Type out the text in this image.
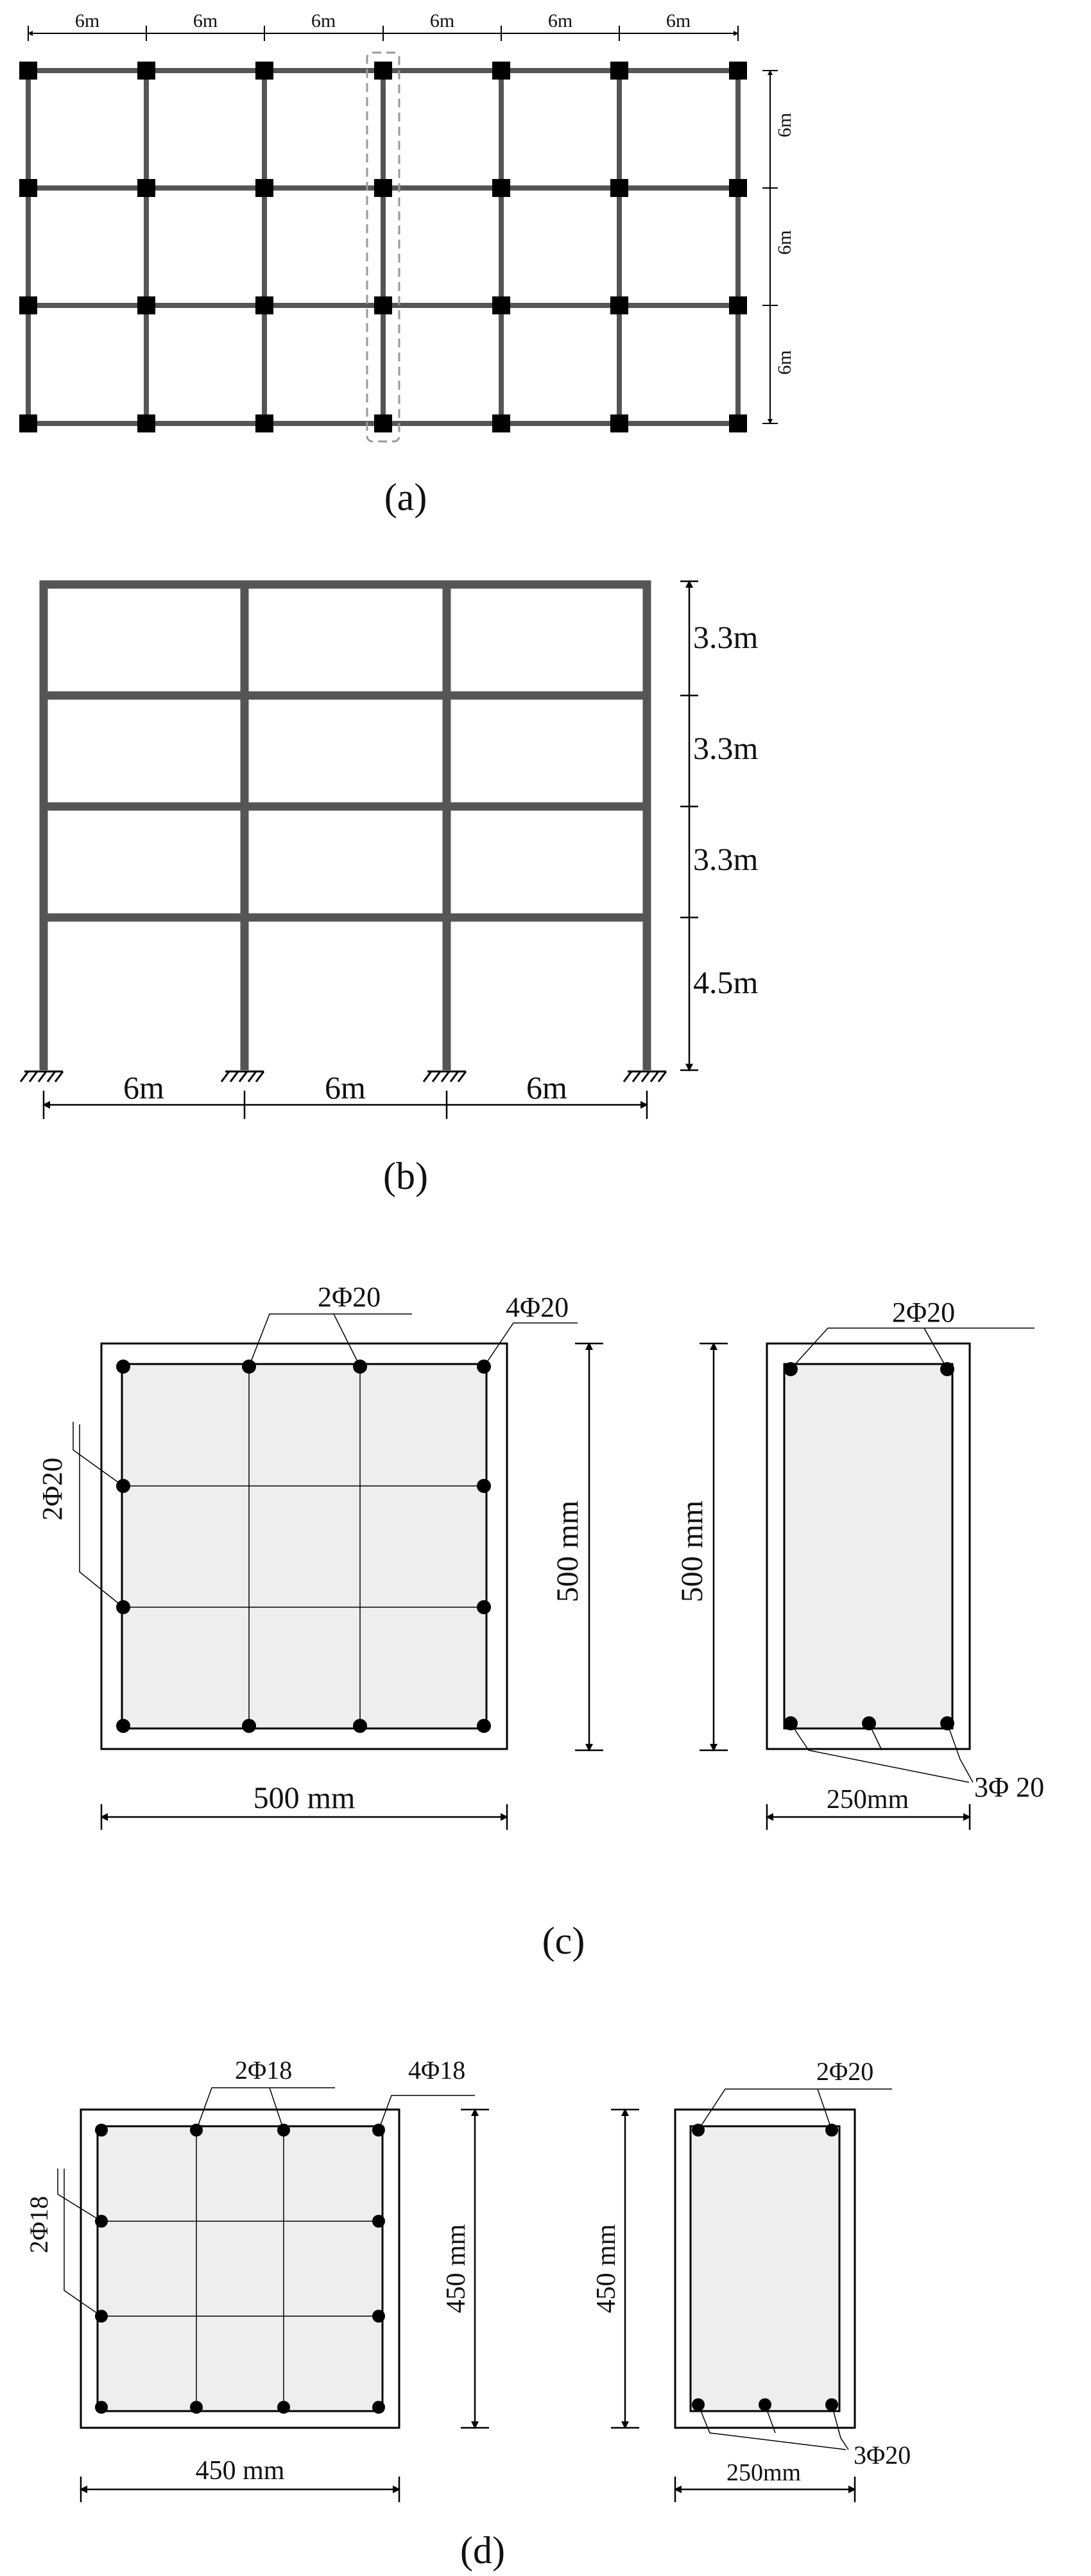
6m	6m	6m	6m	6m	6m
6m
6m
6m
(a)
3.3m
3.3m
3.3m
4.5m
6m	6m	6m
(b)
2Φ20	4Φ20
2Φ20
500 mm
500 mm
2Φ20
3Φ 20
500 mm
250mm
(c)
2Φ18	4Φ18
2Φ18	450 mm
450 mm
2Φ20
3Φ20
450 mm
250mm
(d)
